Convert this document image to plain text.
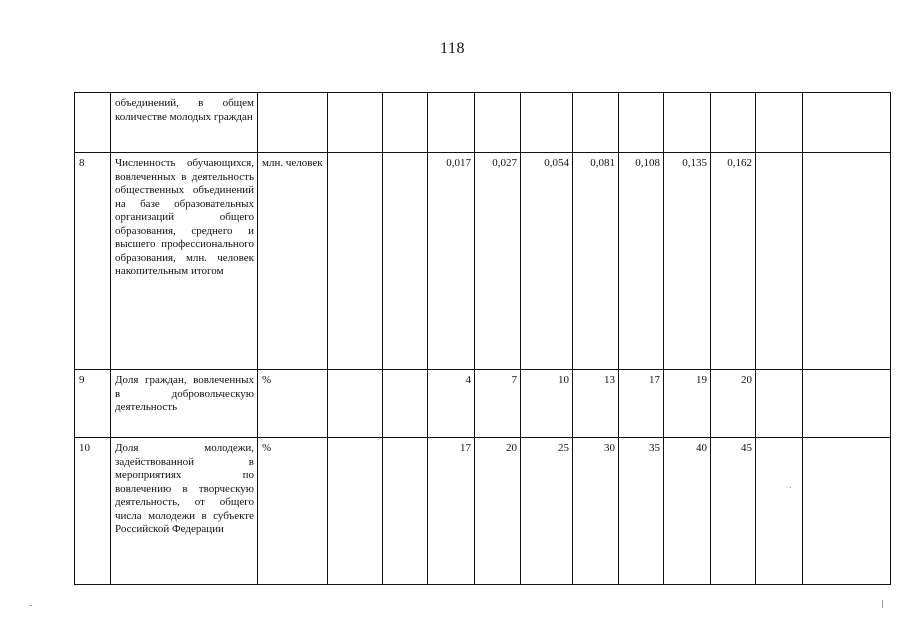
118
	объединений, в общем количестве молодых граждан												
8	Численность обучающихся, вовлеченных в деятельность общественных объединений на базе образовательных организаций общего образования, среднего и высшего профессионального образования, млн. человек накопительным итогом	млн. человек			0,017	0,027	0,054	0,081	0,108	0,135	0,162		
9	Доля граждан, вовлеченных в добровольческую деятельность	%			4	7	10	13	17	19	20		
10	Доля молодежи, задействованной в мероприятиях по вовлечению в творческую деятельность, от общего числа молодежи в субъекте Российской Федерации	%			17	20	25	30	35	40	45		
